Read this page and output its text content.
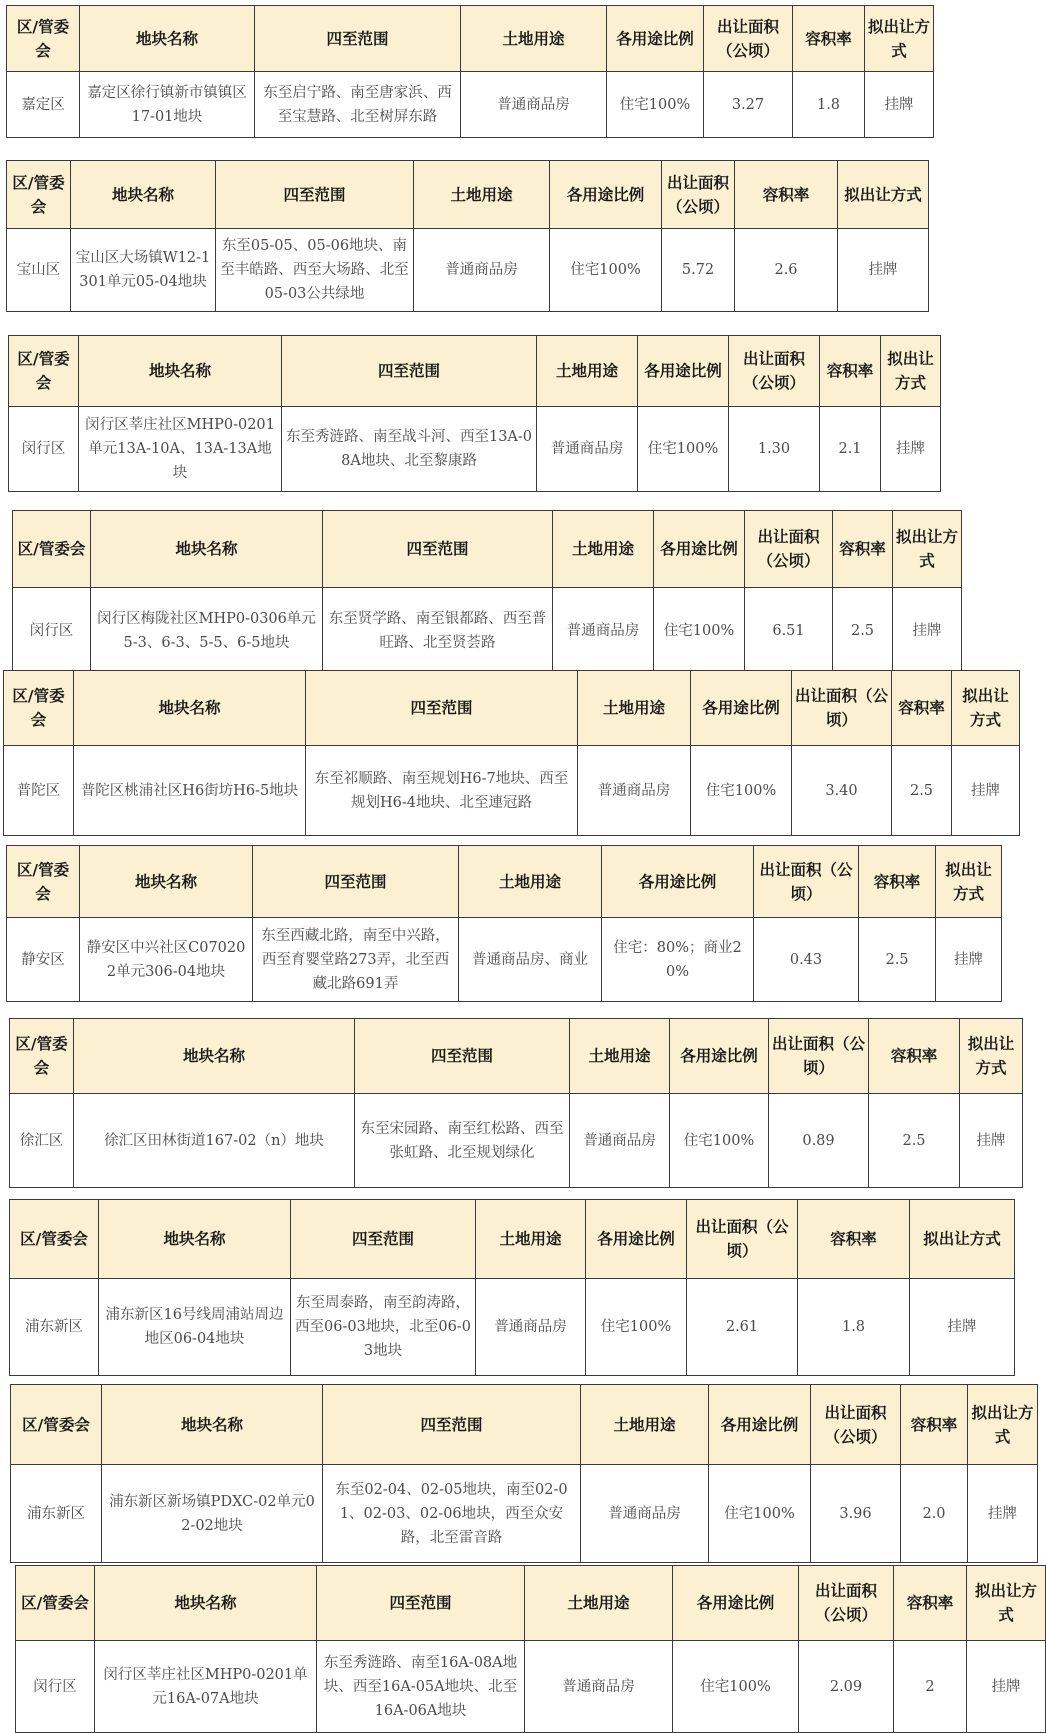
区/管委会	地块名称	四至范围	土地用途	各用途比例	出让面积（公顷）	容积率	拟出让方式
嘉定区	嘉定区徐行镇新市镇镇区17-01地块	东至启宁路、南至唐家浜、西至宝慧路、北至树屏东路	普通商品房	住宅100%	3.27	1.8	挂牌
区/管委会	地块名称	四至范围	土地用途	各用途比例	出让面积（公顷）	容积率	拟出让方式
宝山区	宝山区大场镇W12-1301单元05-04地块	东至05-05、05-06地块、南至丰皓路、西至大场路、北至05-03公共绿地	普通商品房	住宅100%	5.72	2.6	挂牌
区/管委会	地块名称	四至范围	土地用途	各用途比例	出让面积（公顷）	容积率	拟出让方式
闵行区	闵行区莘庄社区MHP0-0201单元13A-10A、13A-13A地块	东至秀涟路、南至战斗河、西至13A-08A地块、北至黎康路	普通商品房	住宅100%	1.30	2.1	挂牌
区/管委会	地块名称	四至范围	土地用途	各用途比例	出让面积（公顷）	容积率	拟出让方式
闵行区	闵行区梅陇社区MHP0-0306单元5-3、6-3、5-5、6-5地块	东至贤学路、南至银都路、西至普旺路、北至贤荟路	普通商品房	住宅100%	6.51	2.5	挂牌
区/管委会	地块名称	四至范围	土地用途	各用途比例	出让面积（公顷）	容积率	拟出让方式
普陀区	普陀区桃浦社区H6街坊H6-5地块	东至祁顺路、南至规划H6-7地块、西至规划H6-4地块、北至連冠路	普通商品房	住宅100%	3.40	2.5	挂牌
区/管委会	地块名称	四至范围	土地用途	各用途比例	出让面积（公顷）	容积率	拟出让方式
静安区	静安区中兴社区C070202单元306-04地块	东至西藏北路，南至中兴路，西至育婴堂路273弄，北至西藏北路691弄	普通商品房、商业	住宅：80%；商业20%	0.43	2.5	挂牌
区/管委会	地块名称	四至范围	土地用途	各用途比例	出让面积（公顷）	容积率	拟出让方式
徐汇区	徐汇区田林街道167-02（n）地块	东至宋园路、南至红松路、西至张虹路、北至规划绿化	普通商品房	住宅100%	0.89	2.5	挂牌
区/管委会	地块名称	四至范围	土地用途	各用途比例	出让面积（公顷）	容积率	拟出让方式
浦东新区	浦东新区16号线周浦站周边地区06-04地块	东至周泰路，南至韵涛路，西至06-03地块，北至06-03地块	普通商品房	住宅100%	2.61	1.8	挂牌
区/管委会	地块名称	四至范围	土地用途	各用途比例	出让面积（公顷）	容积率	拟出让方式
浦东新区	浦东新区新场镇PDXC-02单元02-02地块	东至02-04、02-05地块，南至02-01、02-03、02-06地块，西至众安路，北至雷音路	普通商品房	住宅100%	3.96	2.0	挂牌
区/管委会	地块名称	四至范围	土地用途	各用途比例	出让面积（公顷）	容积率	拟出让方式
闵行区	闵行区莘庄社区MHP0-0201单元16A-07A地块	东至秀涟路、南至16A-08A地块、西至16A-05A地块、北至16A-06A地块	普通商品房	住宅100%	2.09	2	挂牌
